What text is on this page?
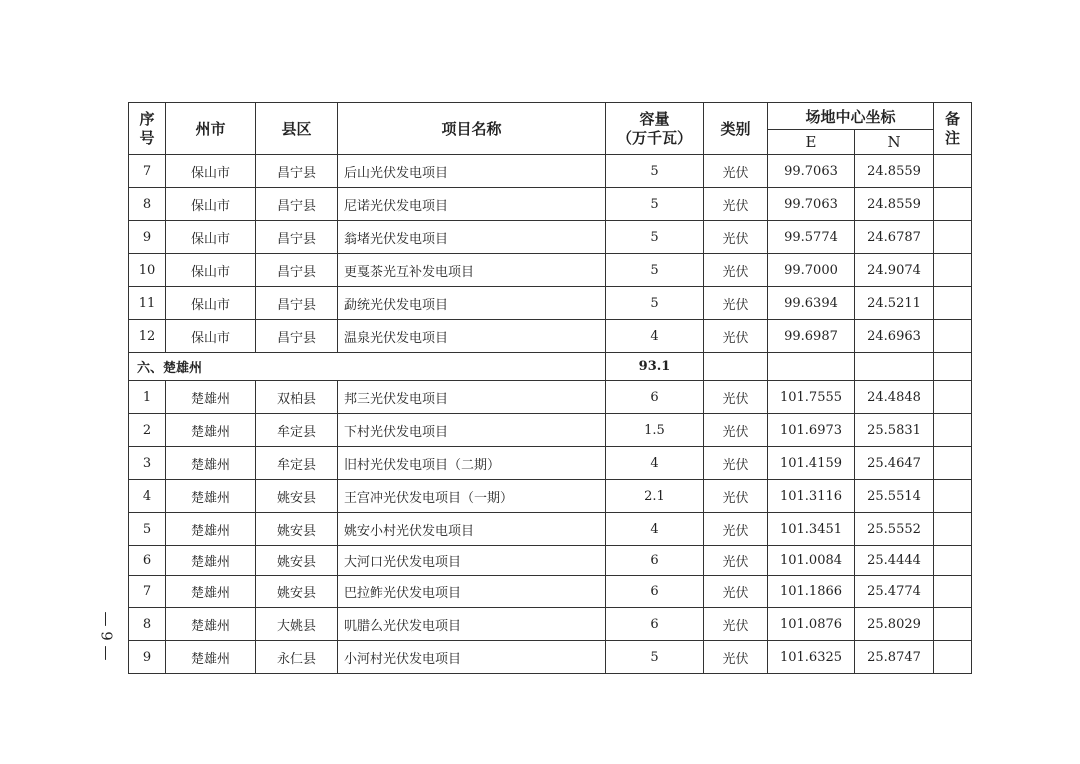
— 9 —
序
号	州市	县区	项目名称	容量
（万千瓦）	类别	场地中心坐标		备
注

						E	N	
7	保山市	昌宁县	后山光伏发电项目	5	光伏	99.7063	24.8559	
8	保山市	昌宁县	尼诺光伏发电项目	5	光伏	99.7063	24.8559	
9	保山市	昌宁县	翁堵光伏发电项目	5	光伏	99.5774	24.6787	
10	保山市	昌宁县	更戛茶光互补发电项目	5	光伏	99.7000	24.9074	
11	保山市	昌宁县	勐统光伏发电项目	5	光伏	99.6394	24.5211	
12	保山市	昌宁县	温泉光伏发电项目	4	光伏	99.6987	24.6963	
六、楚雄州				93.1				
1	楚雄州	双柏县	邦三光伏发电项目	6	光伏	101.7555	24.4848	
2	楚雄州	牟定县	下村光伏发电项目	1.5	光伏	101.6973	25.5831	
3	楚雄州	牟定县	旧村光伏发电项目（二期）	4	光伏	101.4159	25.4647	
4	楚雄州	姚安县	王宫冲光伏发电项目（一期）	2.1	光伏	101.3116	25.5514	
5	楚雄州	姚安县	姚安小村光伏发电项目	4	光伏	101.3451	25.5552	
6	楚雄州	姚安县	大河口光伏发电项目	6	光伏	101.0084	25.4444	
7	楚雄州	姚安县	巴拉鲊光伏发电项目	6	光伏	101.1866	25.4774	
8	楚雄州	大姚县	叽腊么光伏发电项目	6	光伏	101.0876	25.8029	
9	楚雄州	永仁县	小河村光伏发电项目	5	光伏	101.6325	25.8747	
